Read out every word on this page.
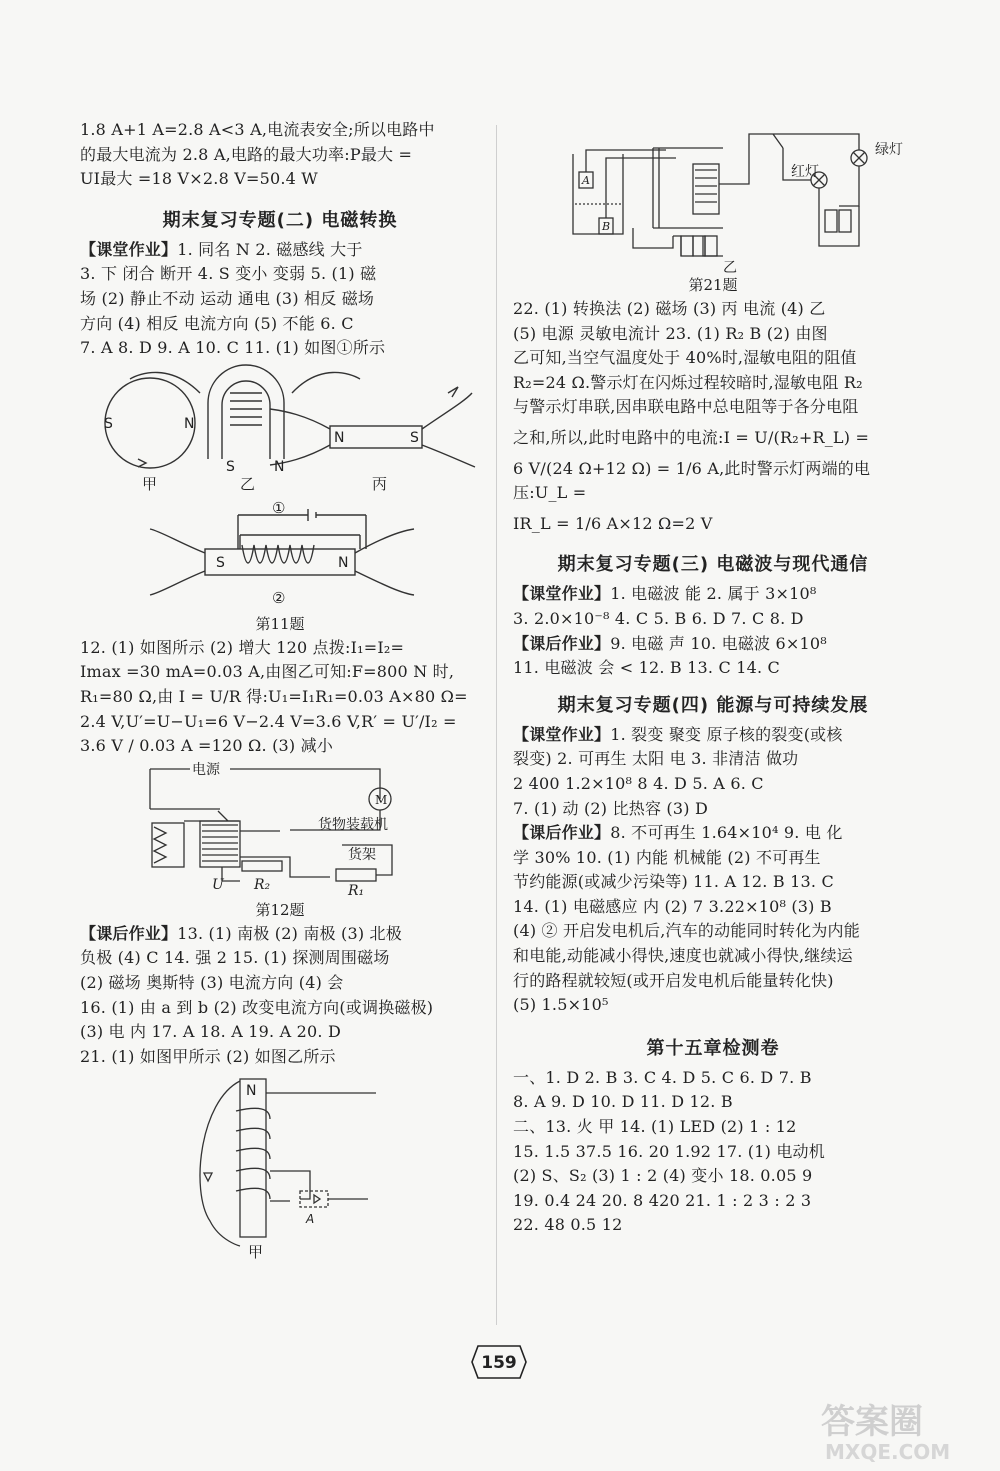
1.8 A+1 A=2.8 A<3 A,电流表安全;所以电路中

的最大电流为 2.8 A,电路的最大功率:P最大 =

UI最大 =18 V×2.8 V=50.4 W

期末复习专题(二) 电磁转换

【课堂作业】1. 同名 N 2. 磁感线 大于

3. 下 闭合 断开 4. S 变小 变弱 5. (1) 磁

场 (2) 静止不动 运动 通电 (3) 相反 磁场

方向 (4) 相反 电流方向 (5) 不能 6. C

7. A 8. D 9. A 10. C 11. (1) 如图①所示

S	N
S	N
N	S
S	N
甲	乙	丙
①
②

第11题

12. (1) 如图所示 (2) 增大 120 点拨:I₁=I₂=

Imax =30 mA=0.03 A,由图乙可知:F=800 N 时,

R₁=80 Ω,由 I = U/R 得:U₁=I₁R₁=0.03 A×80 Ω=

2.4 V,U′=U−U₁=6 V−2.4 V=3.6 V,R′ = U′/I₂ =

3.6 V / 0.03 A =120 Ω. (3) 减小

电源
M
货物装载机
货架
U R₂	R₁

第12题

【课后作业】13. (1) 南极 (2) 南极 (3) 北极

负极 (4) C 14. 强 2 15. (1) 探测周围磁场

(2) 磁场 奥斯特 (3) 电流方向 (4) 会

16. (1) 由 a 到 b (2) 改变电流方向(或调换磁极)

(3) 电 内 17. A 18. A 19. A 20. D

21. (1) 如图甲所示 (2) 如图乙所示

N
A
甲
绿灯
红灯
A
B
乙

第21题

22. (1) 转换法 (2) 磁场 (3) 丙 电流 (4) 乙

(5) 电源 灵敏电流计 23. (1) R₂ B (2) 由图

乙可知,当空气温度处于 40%时,湿敏电阻的阻值

R₂=24 Ω.警示灯在闪烁过程较暗时,湿敏电阻 R₂

与警示灯串联,因串联电路中总电阻等于各分电阻

之和,所以,此时电路中的电流:I = U/(R₂+R_L) =

6 V/(24 Ω+12 Ω) = 1/6 A,此时警示灯两端的电压:U_L =

IR_L = 1/6 A×12 Ω=2 V

期末复习专题(三) 电磁波与现代通信

【课堂作业】1. 电磁波 能 2. 属于 3×10⁸

3. 2.0×10⁻⁸ 4. C 5. B 6. D 7. C 8. D

【课后作业】9. 电磁 声 10. 电磁波 6×10⁸

11. 电磁波 会 < 12. B 13. C 14. C

期末复习专题(四) 能源与可持续发展

【课堂作业】1. 裂变 聚变 原子核的裂变(或核

裂变) 2. 可再生 太阳 电 3. 非清洁 做功

2 400 1.2×10⁸ 8 4. D 5. A 6. C

7. (1) 动 (2) 比热容 (3) D

【课后作业】8. 不可再生 1.64×10⁴ 9. 电 化

学 30% 10. (1) 内能 机械能 (2) 不可再生

节约能源(或减少污染等) 11. A 12. B 13. C

14. (1) 电磁感应 内 (2) 7 3.22×10⁸ (3) B

(4) ② 开启发电机后,汽车的动能同时转化为内能

和电能,动能减小得快,速度也就减小得快,继续运

行的路程就较短(或开启发电机后能量转化快)

(5) 1.5×10⁵

第十五章检测卷

一、1. D 2. B 3. C 4. D 5. C 6. D 7. B

8. A 9. D 10. D 11. D 12. B

二、13. 火 甲 14. (1) LED (2) 1 : 12

15. 1.5 37.5 16. 20 1.92 17. (1) 电动机

(2) S、S₂ (3) 1 : 2 (4) 变小 18. 0.05 9

19. 0.4 24 20. 8 420 21. 1 : 2 3 : 2 3

22. 48 0.5 12

159
答案圈
MXQE.COM
